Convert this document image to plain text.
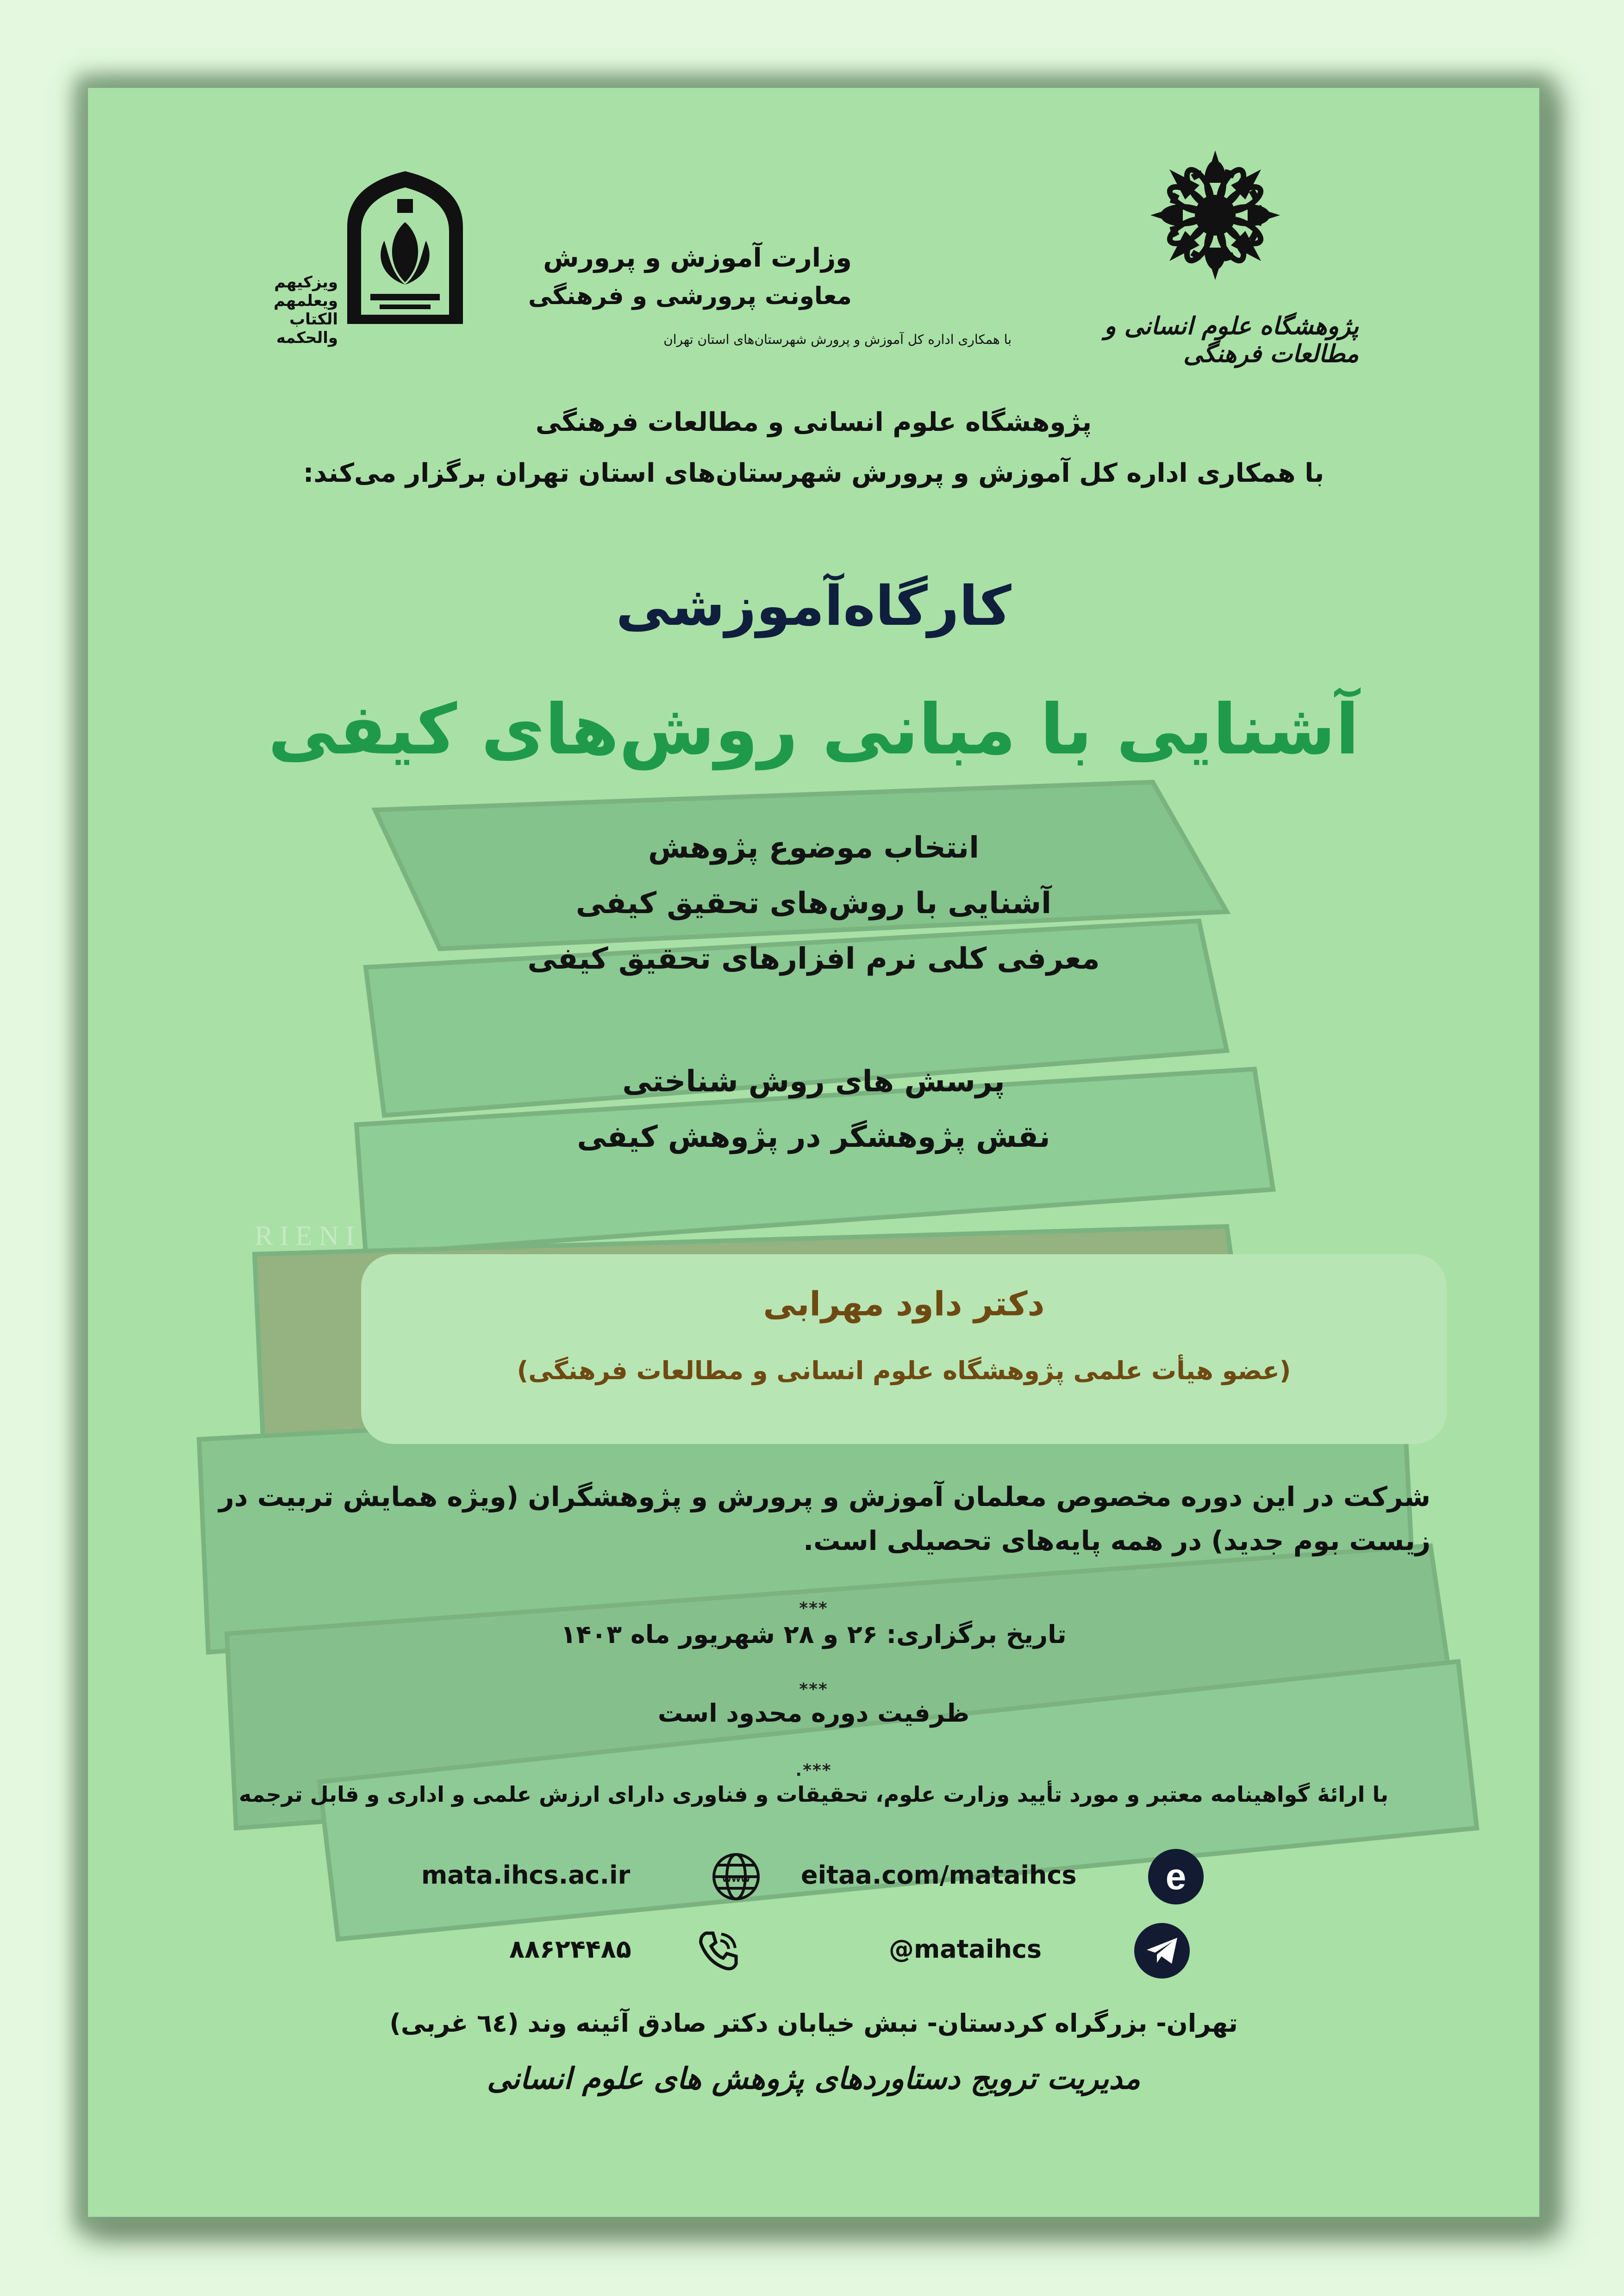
RIENI
پژوهشگاه علوم انسانی و مطالعات فرهنگی
با همکاری اداره کل آموزش و پرورش شهرستان‌های استان تهران
ویزکیهم
ویعلمهم
الکتاب
والحکمه
وزارت آموزش و پرورش
معاونت پرورشی و فرهنگی
پژوهشگاه علوم انسانی و مطالعات فرهنگی
با همکاری اداره کل آموزش و پرورش شهرستان‌های استان تهران برگزار می‌کند:
کارگاه‌آموزشی
آشنایی با مبانی روش‌های کیفی
انتخاب موضوع پژوهش
آشنایی با روش‌های تحقیق کیفی
معرفی کلی نرم افزارهای تحقیق کیفی
پرسش های روش شناختی
نقش پژوهشگر در پژوهش کیفی
دکتر داود مهرابی
(عضو هیأت علمی پژوهشگاه علوم انسانی و مطالعات فرهنگی)
شرکت در این دوره مخصوص معلمان آموزش و پرورش و پژوهشگران (ویژه همایش تربیت در
زیست بوم جدید) در همه پایه‌های تحصیلی است.
***
تاریخ برگزاری: ۲۶ و ۲۸ شهریور ماه ۱۴۰۳
***
ظرفیت دوره محدود است
.***
با ارائهٔ گواهینامه معتبر و مورد تأیید وزارت علوم، تحقیقات و فناوری دارای ارزش علمی و اداری و قابل ترجمه
mata.ihcs.ac.ir	www eitaa.com/mataihcs e
۸۸۶۲۴۴۸۵	@mataihcs
تهران- بزرگراه کردستان- نبش خیابان دکتر صادق آئینه وند (٦٤ غربی)
مدیریت ترویج دستاوردهای پژوهش های علوم انسانی
